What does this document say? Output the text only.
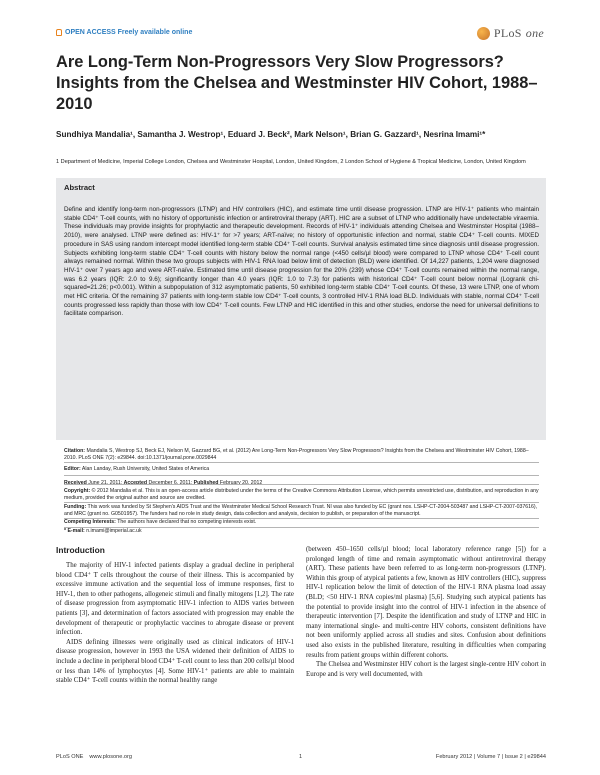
OPEN ACCESS Freely available online	PLoS one
Are Long-Term Non-Progressors Very Slow Progressors? Insights from the Chelsea and Westminster HIV Cohort, 1988–2010
Sundhiya Mandalia¹, Samantha J. Westrop¹, Eduard J. Beck², Mark Nelson¹, Brian G. Gazzard¹, Nesrina Imami¹*
1 Department of Medicine, Imperial College London, Chelsea and Westminster Hospital, London, United Kingdom, 2 London School of Hygiene & Tropical Medicine, London, United Kingdom
Abstract
Define and identify long-term non-progressors (LTNP) and HIV controllers (HIC), and estimate time until disease progression. LTNP are HIV-1⁺ patients who maintain stable CD4⁺ T-cell counts, with no history of opportunistic infection or antiretroviral therapy (ART). HIC are a subset of LTNP who additionally have undetectable viraemia. These individuals may provide insights for prophylactic and therapeutic development. Records of HIV-1⁺ individuals attending Chelsea and Westminster Hospital (1988–2010), were analysed. LTNP were defined as: HIV-1⁺ for >7 years; ART-naïve; no history of opportunistic infection and normal, stable CD4⁺ T-cell counts. MIXED procedure in SAS using random intercept model identified long-term stable CD4⁺ T-cell counts. Survival analysis estimated time since diagnosis until disease progression. Subjects exhibiting long-term stable CD4⁺ T-cell counts with history below the normal range (<450 cells/µl blood) were compared to LTNP whose CD4⁺ T-cell count always remained normal. Within these two groups subjects with HIV-1 RNA load below limit of detection (BLD) were identified. Of 14,227 patients, 1,204 were diagnosed HIV-1⁺ over 7 years ago and were ART-naïve. Estimated time until disease progression for the 20% (239) whose CD4⁺ T-cell counts remained within the normal range, was 6.2 years (IQR: 2.0 to 9.6); significantly longer than 4.0 years (IQR: 1.0 to 7.3) for patients with historical CD4⁺ T-cell count below normal (Logrank chi-squared=21.26; p<0.001). Within a subpopulation of 312 asymptomatic patients, 50 exhibited long-term stable CD4⁺ T-cell counts. Of these, 13 were LTNP, one of whom met HIC criteria. Of the remaining 37 patients with long-term stable low CD4⁺ T-cell counts, 3 controlled HIV-1 RNA load BLD. Individuals with stable, normal CD4⁺ T-cell counts progressed less rapidly than those with low CD4⁺ T-cell counts. Few LTNP and HIC identified in this and other studies, endorse the need for universal definitions to facilitate comparison.
Citation: Mandalia S, Westrop SJ, Beck EJ, Nelson M, Gazzard BG, et al. (2012) Are Long-Term Non-Progressors Very Slow Progressors? Insights from the Chelsea and Westminster HIV Cohort, 1988–2010. PLoS ONE 7(2): e29844. doi:10.1371/journal.pone.0029844
Editor: Alan Landay, Rush University, United States of America
Received June 21, 2011; Accepted December 6, 2011; Published February 20, 2012
Introduction

The majority of HIV-1 infected patients display a gradual decline in peripheral blood CD4⁺ T cells throughout the course of their illness. This is accompanied by excessive immune activation and the sequential loss of immune responses, first to HIV-1, then to other pathogens, allogeneic stimuli and finally mitogens [1,2]. The rate of disease progression from asymptomatic HIV-1 infection to AIDS varies between patients [3], and determination of factors associated with progression may enable the development of therapeutic or prophylactic vaccines to abrogate disease or prevent infection.

AIDS defining illnesses were originally used as clinical indicators of HIV-1 disease progression, however in 1993 the USA widened their definition of AIDS to include a decline in peripheral blood CD4⁺ T-cell count to less than 200 cells/µl blood or less than 14% of lymphocytes [4]. Some HIV-1⁺ patients are able to maintain stable CD4⁺ T-cell counts within the normal healthy range

(between 450–1650 cells/µl blood; local laboratory reference range [5]) for a prolonged length of time and remain asymptomatic without antiretroviral therapy (ART). These patients have been referred to as long-term non-progressors (LTNP). Within this group of atypical patients a few, known as HIV controllers (HIC), suppress HIV-1 replication below the limit of detection of the HIV-1 RNA plasma load assay (BLD; <50 HIV-1 RNA copies/ml plasma) [5,6]. Studying such atypical patients has the potential to provide insight into the control of HIV-1 infection in the absence of therapeutic intervention [7]. Despite the identification and study of LTNP and HIC in many international single- and multi-centre HIV cohorts, consistent definitions have not been uniformly applied across all studies and sites. Confusion about definitions used also exists in the published literature, resulting in difficulties when comparing results from patient groups within different cohorts.

The Chelsea and Westminster HIV cohort is the largest single-centre HIV cohort in Europe and is very well documented, with

PLoS ONE www.plosone.org	1	February 2012 | Volume 7 | Issue 2 | e29844
Copyright: © 2012 Mandalia et al. This is an open-access article distributed under the terms of the Creative Commons Attribution License, which permits unrestricted use, distribution, and reproduction in any medium, provided the original author and source are credited.
Funding: This work was funded by St Stephen's AIDS Trust and the Westminster Medical School Research Trust. NI was also funded by EC (grant nos. LSHP-CT-2004-503487 and LSHP-CT-2007-037616), and MRC (grant no. G0501957). The funders had no role in study design, data collection and analysis, decision to publish, or preparation of the manuscript.
Competing Interests: The authors have declared that no competing interests exist.
* E-mail: n.imami@imperial.ac.uk
